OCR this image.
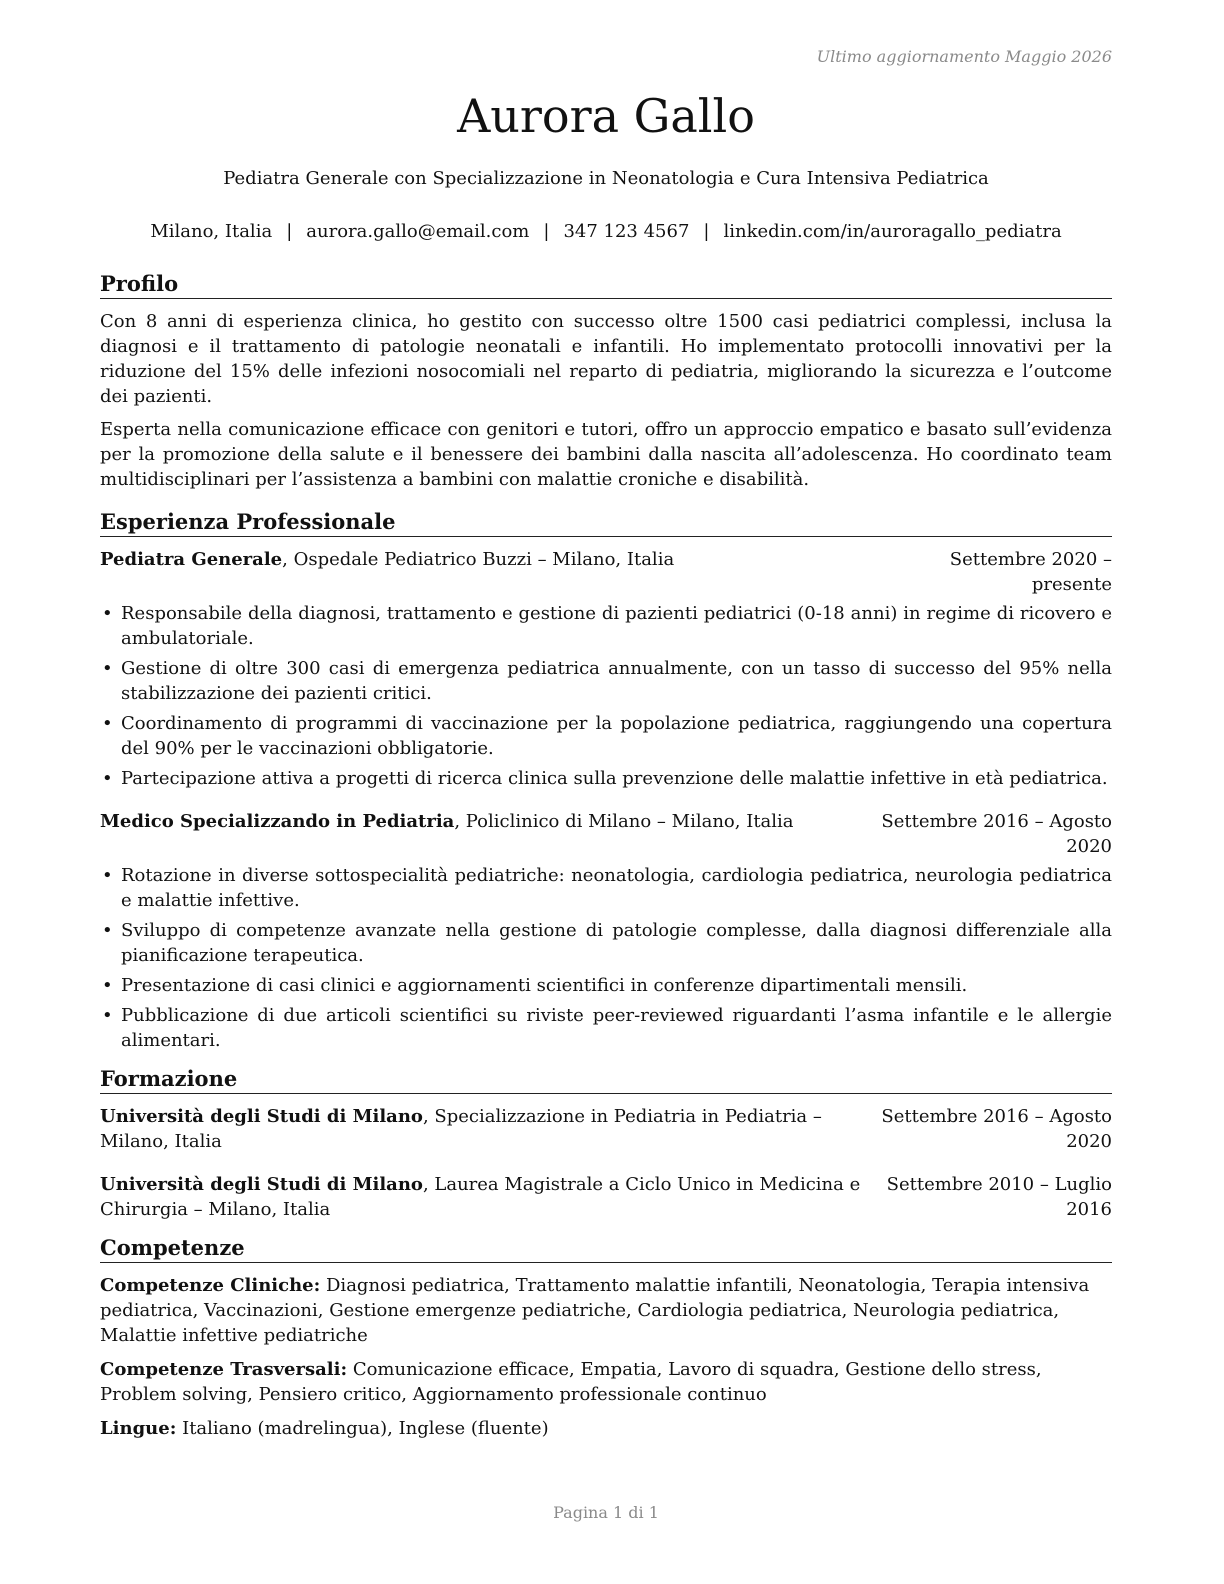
Ultimo aggiornamento Maggio 2026
Aurora Gallo
Pediatra Generale con Specializzazione in Neonatologia e Cura Intensiva Pediatrica
Milano, Italia | aurora.gallo@email.com | 347 123 4567 | linkedin.com/in/auroragallo_pediatra
Profilo

Con 8 anni di esperienza clinica, ho gestito con successo oltre 1500 casi pediatrici complessi, inclusa la diagnosi e il trattamento di patologie neonatali e infantili. Ho implementato protocolli innovativi per la riduzione del 15% delle infezioni nosocomiali nel reparto di pediatria, migliorando la sicurezza e l’outcome dei pazienti.

Esperta nella comunicazione efficace con genitori e tutori, offro un approccio empatico e basato sull’evidenza per la promozione della salute e il benessere dei bambini dalla nascita all’adolescenza. Ho coordinato team multidisciplinari per l’assistenza a bambini con malattie croniche e disabilità.

Esperienza Professionale
Pediatra Generale, Ospedale Pediatrico Buzzi – Milano, Italia	Settembre 2020 – presente
• Responsabile della diagnosi, trattamento e gestione di pazienti pediatrici (0-18 anni) in regime di ricovero e ambulatoriale.
• Gestione di oltre 300 casi di emergenza pediatrica annualmente, con un tasso di successo del 95% nella stabilizzazione dei pazienti critici.
• Coordinamento di programmi di vaccinazione per la popolazione pediatrica, raggiungendo una copertura del 90% per le vaccinazioni obbligatorie.
• Partecipazione attiva a progetti di ricerca clinica sulla prevenzione delle malattie infettive in età pediatrica.
Medico Specializzando in Pediatria, Policlinico di Milano – Milano, Italia	Settembre 2016 – Agosto 2020
• Rotazione in diverse sottospecialità pediatriche: neonatologia, cardiologia pediatrica, neurologia pediatrica e malattie infettive.
• Sviluppo di competenze avanzate nella gestione di patologie complesse, dalla diagnosi differenziale alla pianificazione terapeutica.
• Presentazione di casi clinici e aggiornamenti scientifici in conferenze dipartimentali mensili.
• Pubblicazione di due articoli scientifici su riviste peer-reviewed riguardanti l’asma infantile e le allergie alimentari.
Formazione
Università degli Studi di Milano, Specializzazione in Pediatria in Pediatria – Milano, Italia
Settembre 2016 – Agosto 2020
Università degli Studi di Milano, Laurea Magistrale a Ciclo Unico in Medicina e Chirurgia – Milano, Italia
Settembre 2010 – Luglio 2016
Competenze

Competenze Cliniche: Diagnosi pediatrica, Trattamento malattie infantili, Neonatologia, Terapia intensiva pediatrica, Vaccinazioni, Gestione emergenze pediatriche, Cardiologia pediatrica, Neurologia pediatrica, Malattie infettive pediatriche

Competenze Trasversali: Comunicazione efficace, Empatia, Lavoro di squadra, Gestione dello stress, Problem solving, Pensiero critico, Aggiornamento professionale continuo

Lingue: Italiano (madrelingua), Inglese (fluente)

Pagina 1 di 1
